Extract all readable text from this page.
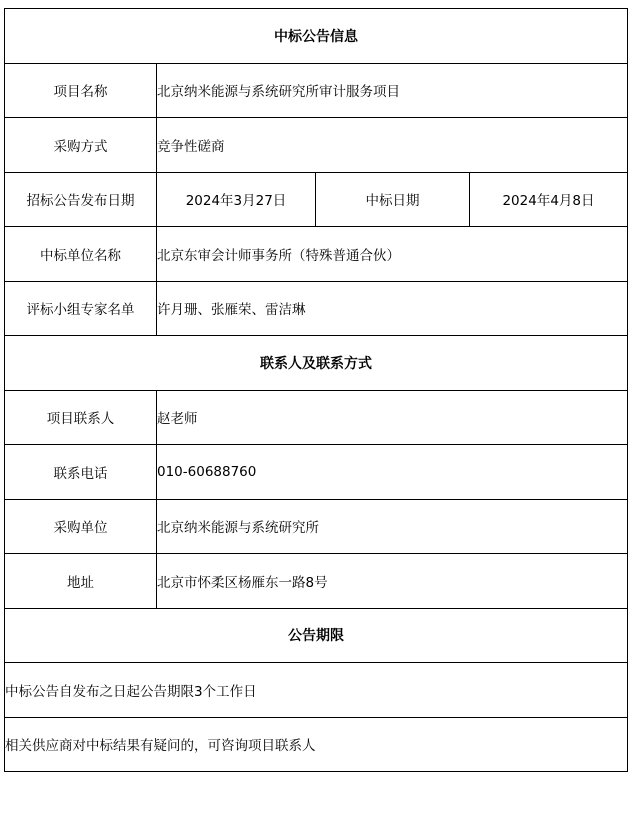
中标公告信息			
项目名称	北京纳米能源与系统研究所审计服务项目		
采购方式	竞争性磋商		
招标公告发布日期	2024年3月27日	中标日期	2024年4月8日
中标单位名称	北京东审会计师事务所（特殊普通合伙）		
评标小组专家名单	许月珊、张雁荣、雷洁琳		
联系人及联系方式			
项目联系人	赵老师		
联系电话	010-60688760		
采购单位	北京纳米能源与系统研究所		
地址	北京市怀柔区杨雁东一路8号		
公告期限			
中标公告自发布之日起公告期限3个工作日			
相关供应商对中标结果有疑问的，可咨询项目联系人			
